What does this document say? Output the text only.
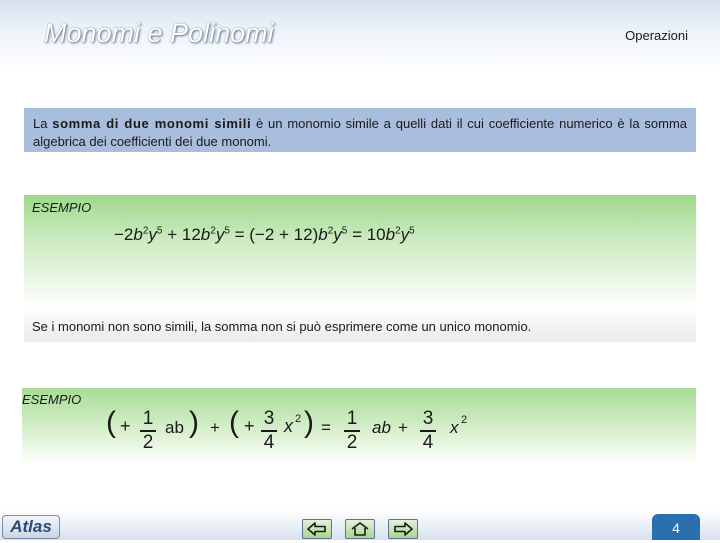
Monomi e Polinomi	Operazioni
La somma di due monomi simili è un monomio simile a quelli dati il cui coefficiente numerico è la somma algebrica dei coefficienti dei due monomi.
ESEMPIO
$-2b^2y^5 + 12b^2y^5 = (-2 + 12)b^2y^5 = 10b^2y^5$
Se i monomi non sono simili, la somma non si può esprimere come un unico monomio.
ESEMPIO
( + 1
2
ab ) + ( + 3
4
x 2 ) = 1
2
ab + 3
4
x 2
Atlas	4
